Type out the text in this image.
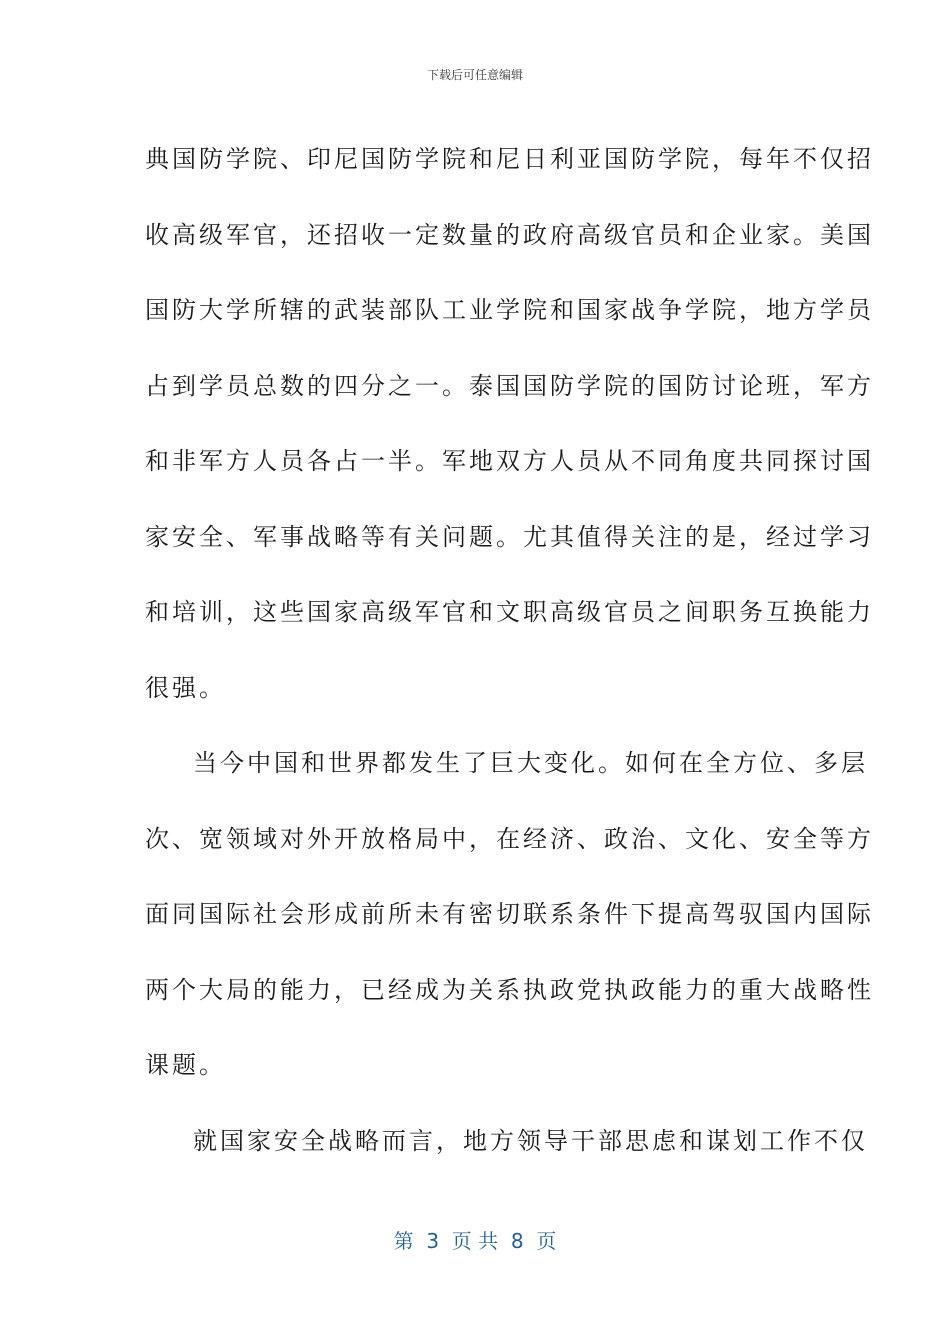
下载后可任意编辑
典国防学院、印尼国防学院和尼日利亚国防学院，每年不仅招
收高级军官，还招收一定数量的政府高级官员和企业家。美国
国防大学所辖的武装部队工业学院和国家战争学院，地方学员
占到学员总数的四分之一。泰国国防学院的国防讨论班，军方
和非军方人员各占一半。军地双方人员从不同角度共同探讨国
家安全、军事战略等有关问题。尤其值得关注的是，经过学习
和培训，这些国家高级军官和文职高级官员之间职务互换能力
很强。
当今中国和世界都发生了巨大变化。如何在全方位、多层
次、宽领域对外开放格局中，在经济、政治、文化、安全等方
面同国际社会形成前所未有密切联系条件下提高驾驭国内国际
两个大局的能力，已经成为关系执政党执政能力的重大战略性
课题。
就国家安全战略而言，地方领导干部思虑和谋划工作不仅
第  3  页 共  8  页
